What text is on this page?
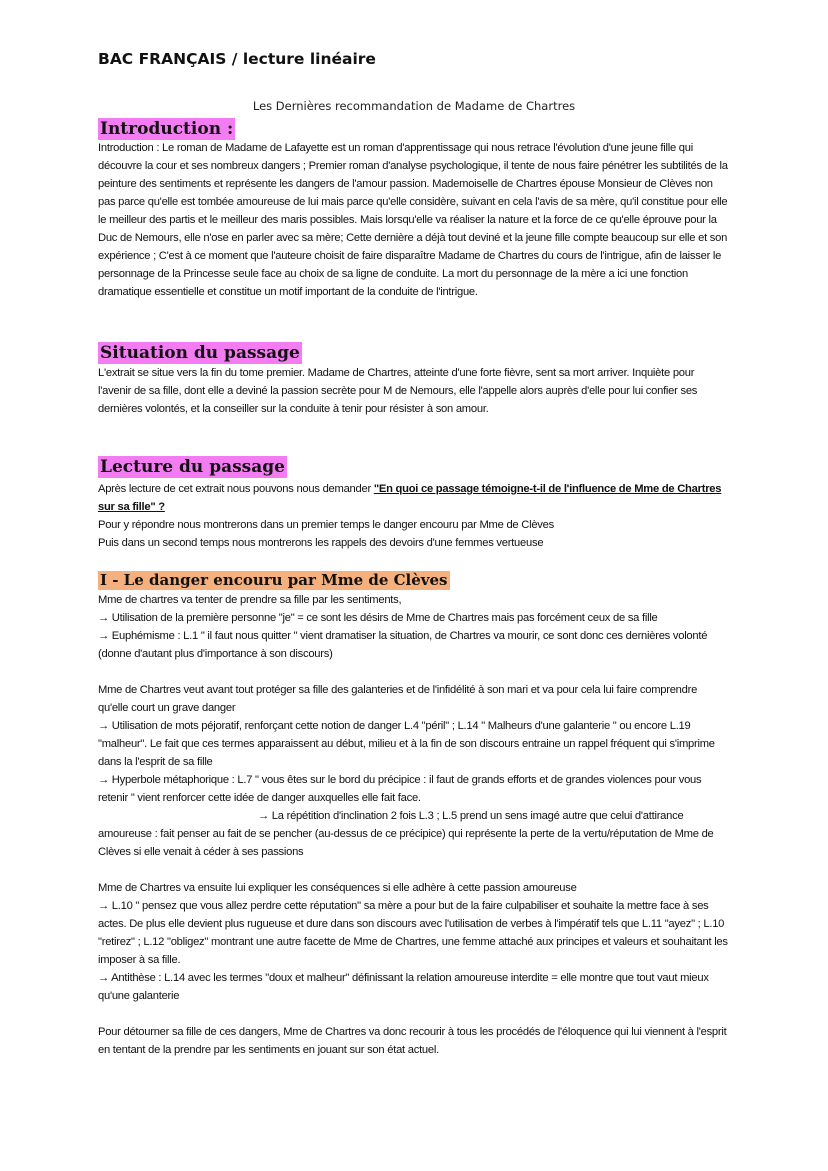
BAC FRANÇAIS / lecture linéaire
Les Dernières recommandation de Madame de Chartres
Introduction :
Introduction : Le roman de Madame de Lafayette est un roman d'apprentissage qui nous retrace l'évolution d'une jeune fille qui découvre la cour et ses nombreux dangers ; Premier roman d'analyse psychologique, il tente de nous faire pénétrer les subtilités de la peinture des sentiments et représente les dangers de l'amour passion. Mademoiselle de Chartres épouse Monsieur de Clèves non pas parce qu'elle est tombée amoureuse de lui mais parce qu'elle considère, suivant en cela l'avis de sa mère, qu'il constitue pour elle le meilleur des partis et le meilleur des maris possibles. Mais lorsqu'elle va réaliser la nature et la force de ce qu'elle éprouve pour la Duc de Nemours, elle n'ose en parler avec sa mère; Cette dernière a déjà tout deviné et la jeune fille compte beaucoup sur elle et son expérience ; C'est à ce moment que l'auteure choisit de faire disparaître Madame de Chartres du cours de l'intrigue, afin de laisser le personnage de la Princesse seule face au choix de sa ligne de conduite. La mort du personnage de la mère a ici une fonction dramatique essentielle et constitue un motif important de la conduite de l'intrigue.
Situation du passage
L'extrait se situe vers la fin du tome premier. Madame de Chartres, atteinte d'une forte fièvre, sent sa mort arriver. Inquiète pour l'avenir de sa fille, dont elle a deviné la passion secrète pour M de Nemours, elle l'appelle alors auprès d'elle pour lui confier ses dernières volontés, et la conseiller sur la conduite à tenir pour résister à son amour.
Lecture du passage

Après lecture de cet extrait nous pouvons nous demander "En quoi ce passage témoigne-t-il de l'influence de Mme de Chartres sur sa fille" ?

Pour y répondre nous montrerons dans un premier temps le danger encouru par Mme de Clèves

Puis dans un second temps nous montrerons les rappels des devoirs d'une femmes vertueuse

I - Le danger encouru par Mme de Clèves

Mme de chartres va tenter de prendre sa fille par les sentiments,

→ Utilisation de la première personne "je" = ce sont les désirs de Mme de Chartres mais pas forcément ceux de sa fille

→ Euphémisme : L.1 " il faut nous quitter " vient dramatiser la situation, de Chartres va mourir, ce sont donc ces dernières volonté (donne d'autant plus d'importance à son discours)

Mme de Chartres veut avant tout protéger sa fille des galanteries et de l'infidélité à son mari et va pour cela lui faire comprendre qu'elle court un grave danger

→ Utilisation de mots péjoratif, renforçant cette notion de danger L.4 "péril" ; L.14 " Malheurs d'une galanterie " ou encore L.19 "malheur". Le fait que ces termes apparaissent au début, milieu et à la fin de son discours entraine un rappel fréquent qui s'imprime dans la l'esprit de sa fille

→ Hyperbole métaphorique : L.7 " vous êtes sur le bord du précipice : il faut de grands efforts et de grandes violences pour vous retenir " vient renforcer cette idée de danger auxquelles elle fait face.

→ La répétition d'inclination 2 fois L.3 ; L.5 prend un sens imagé autre que celui d'attirance

amoureuse : fait penser au fait de se pencher (au-dessus de ce précipice) qui représente la perte de la vertu/réputation de Mme de Clèves si elle venait à céder à ses passions

Mme de Chartres va ensuite lui expliquer les conséquences si elle adhère à cette passion amoureuse

→ L.10 " pensez que vous allez perdre cette réputation" sa mère a pour but de la faire culpabiliser et souhaite la mettre face à ses actes. De plus elle devient plus rugueuse et dure dans son discours avec l'utilisation de verbes à l'impératif tels que L.11 "ayez" ; L.10 "retirez" ; L.12 "obligez" montrant une autre facette de Mme de Chartres, une femme attaché aux principes et valeurs et souhaitant les imposer à sa fille.

→ Antithèse : L.14 avec les termes "doux et malheur" définissant la relation amoureuse interdite = elle montre que tout vaut mieux qu'une galanterie

Pour détourner sa fille de ces dangers, Mme de Chartres va donc recourir à tous les procédés de l'éloquence qui lui viennent à l'esprit en tentant de la prendre par les sentiments en jouant sur son état actuel.
